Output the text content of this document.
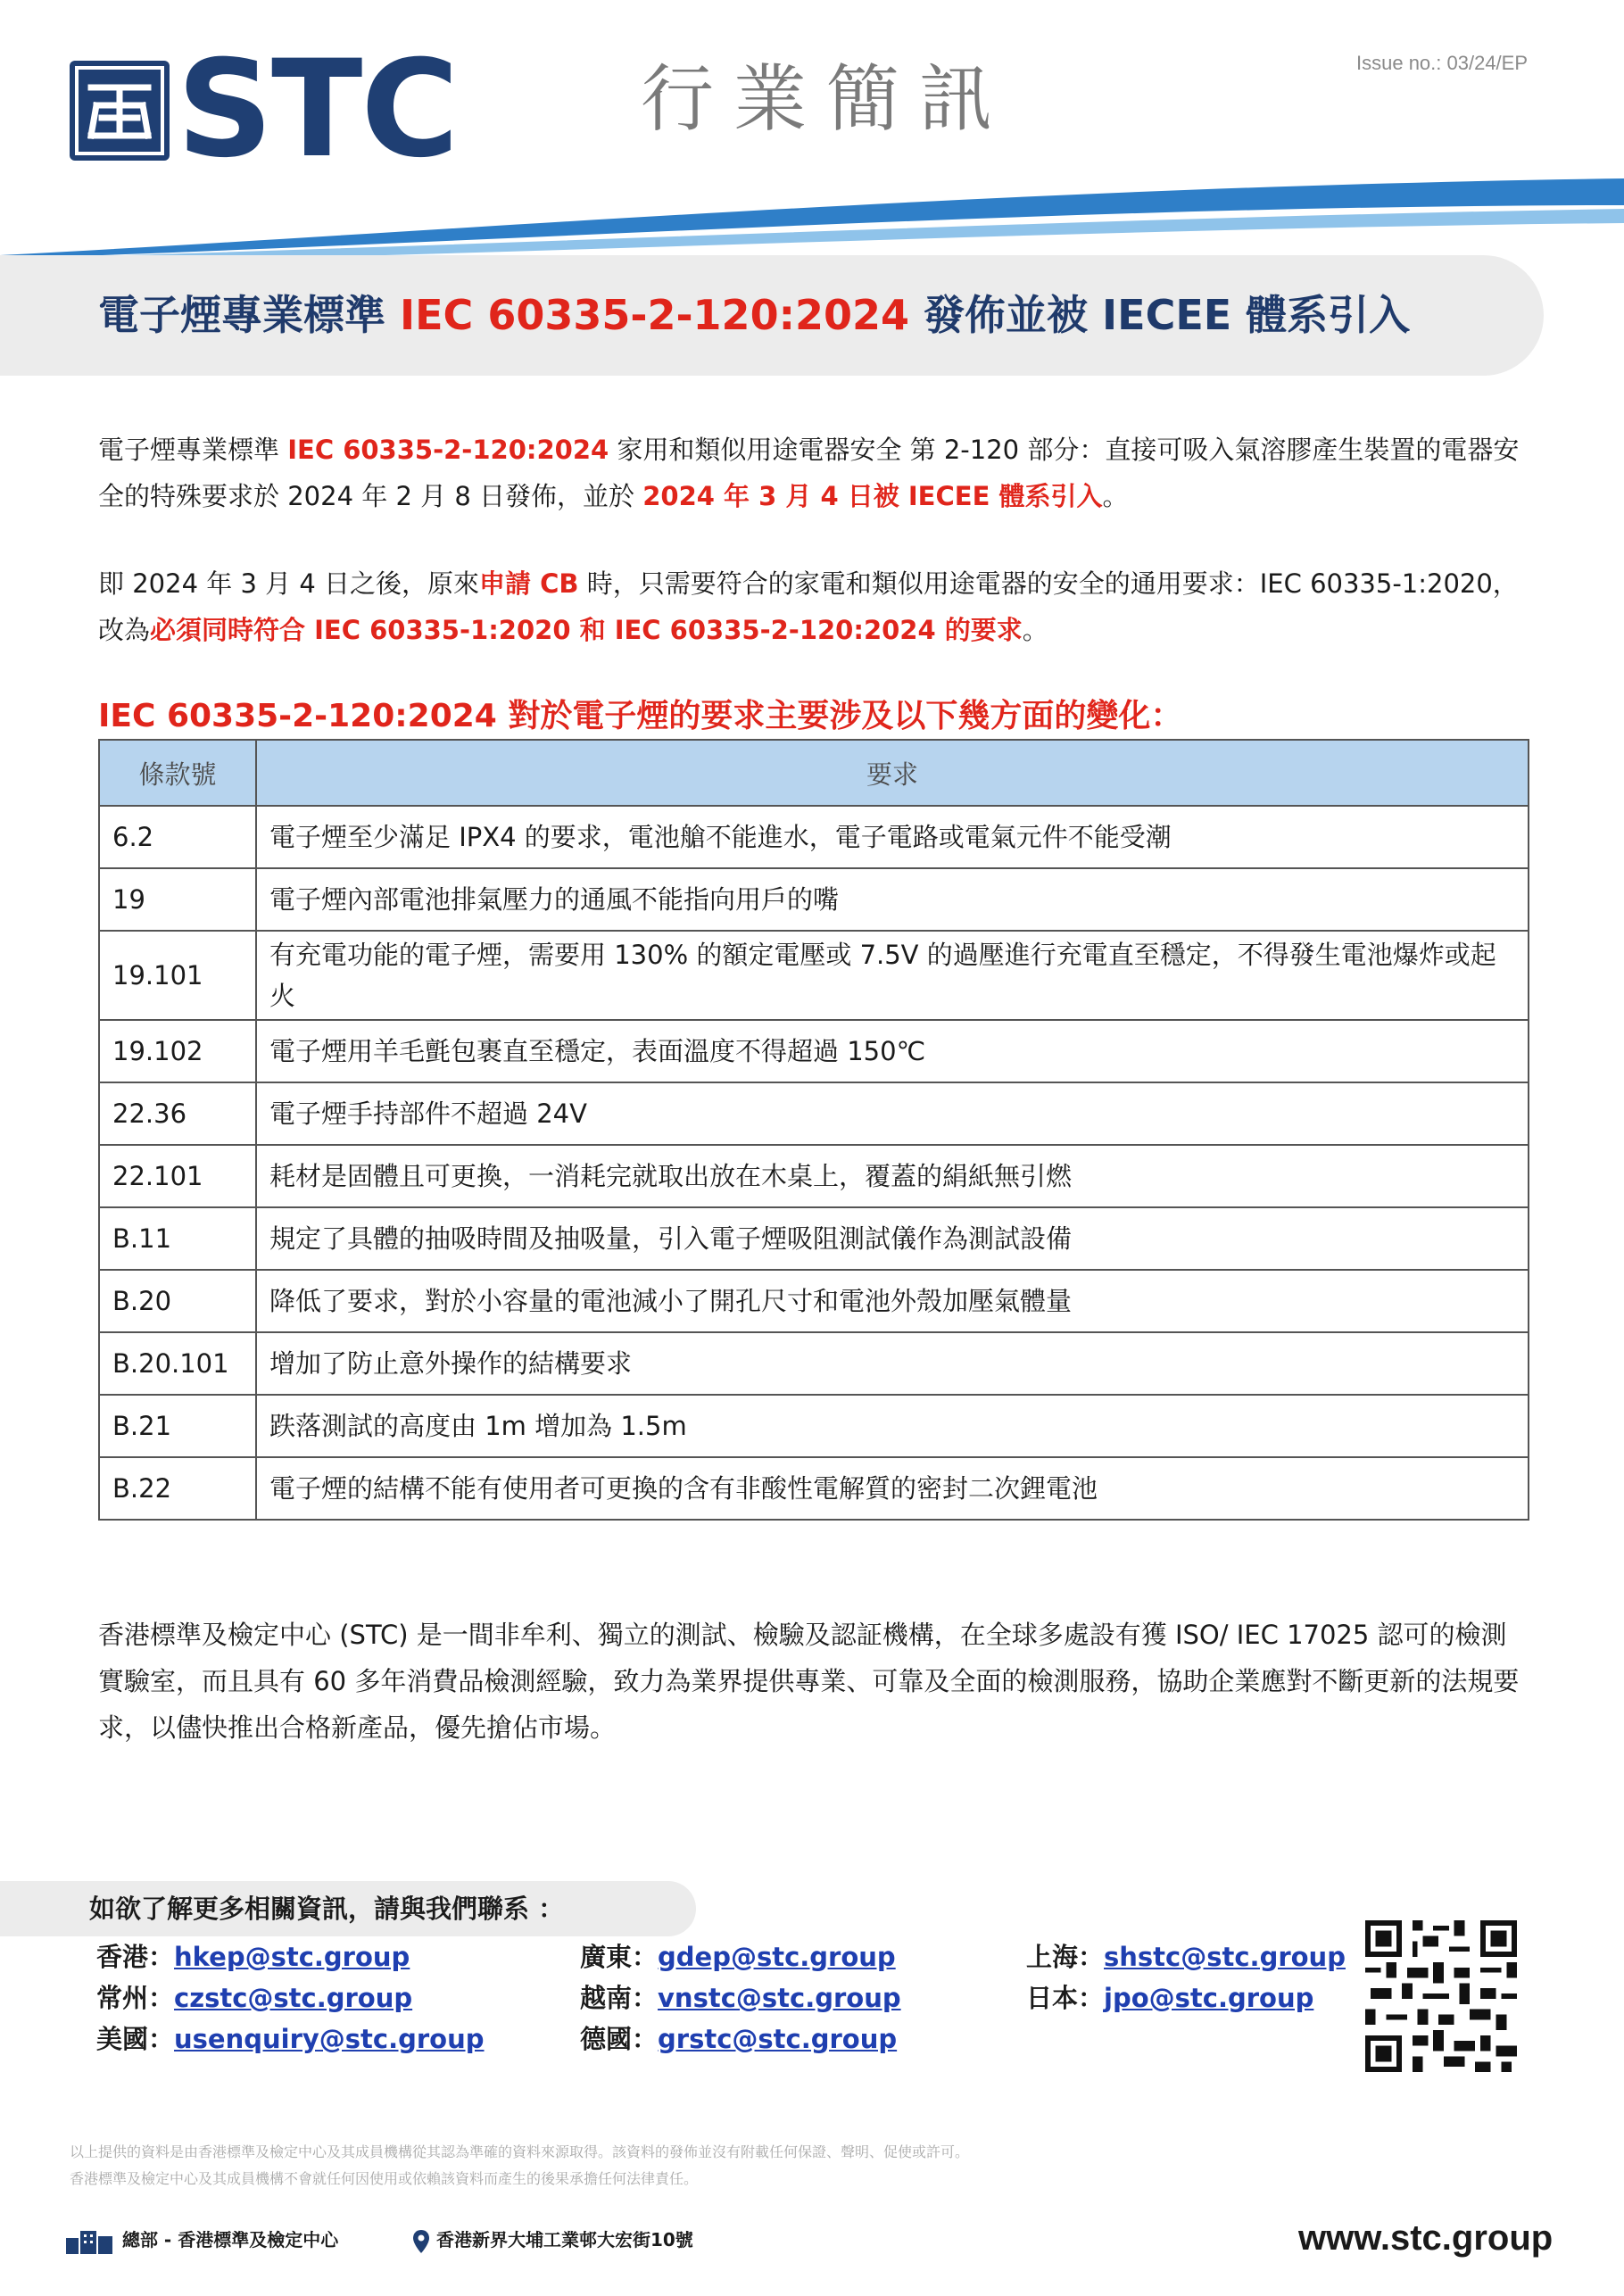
STC	行業簡訊	Issue no.: 03/24/EP
電子煙專業標準 IEC 60335-2-120:2024 發佈並被 IECEE 體系引入
電子煙專業標準 IEC 60335-2-120:2024 家用和類似用途電器安全 第 2-120 部分：直接可吸入氣溶膠產生裝置的電器安全的特殊要求於 2024 年 2 月 8 日發佈，並於 2024 年 3 月 4 日被 IECEE 體系引入。
即 2024 年 3 月 4 日之後，原來申請 CB 時，只需要符合的家電和類似用途電器的安全的通用要求：IEC 60335-1:2020，改為必須同時符合 IEC 60335-1:2020 和 IEC 60335-2-120:2024 的要求。
IEC 60335-2-120:2024 對於電子煙的要求主要涉及以下幾方面的變化：
條款號	要求
6.2	電子煙至少滿足 IPX4 的要求，電池艙不能進水，電子電路或電氣元件不能受潮
19	電子煙內部電池排氣壓力的通風不能指向用戶的嘴
19.101	有充電功能的電子煙，需要用 130% 的額定電壓或 7.5V 的過壓進行充電直至穩定，不得發生電池爆炸或起火
19.102	電子煙用羊毛氈包裹直至穩定，表面溫度不得超過 150℃
22.36	電子煙手持部件不超過 24V
22.101	耗材是固體且可更換，一消耗完就取出放在木桌上，覆蓋的絹紙無引燃
B.11	規定了具體的抽吸時間及抽吸量，引入電子煙吸阻測試儀作為測試設備
B.20	降低了要求，對於小容量的電池減小了開孔尺寸和電池外殼加壓氣體量
B.20.101	增加了防止意外操作的結構要求
B.21	跌落測試的高度由 1m 增加為 1.5m
B.22	電子煙的結構不能有使用者可更換的含有非酸性電解質的密封二次鋰電池
香港標準及檢定中心 (STC) 是一間非牟利、獨立的測試、檢驗及認証機構，在全球多處設有獲 ISO/ IEC 17025 認可的檢測實驗室，而且具有 60 多年消費品檢測經驗，致力為業界提供專業、可靠及全面的檢測服務，協助企業應對不斷更新的法規要求，以儘快推出合格新產品，優先搶佔市場。
如欲了解更多相關資訊，請與我們聯系 ：
香港：hkep@stc.group	廣東：gdep@stc.group	上海：shstc@stc.group
常州：czstc@stc.group	越南：vnstc@stc.group	日本：jpo@stc.group
美國：usenquiry@stc.group	德國：grstc@stc.group
以上提供的資料是由香港標準及檢定中心及其成員機構從其認為準確的資料來源取得。該資料的發佈並沒有附載任何保證、聲明、促使或許可。
香港標準及檢定中心及其成員機構不會就任何因使用或依賴該資料而產生的後果承擔任何法律責任。
總部 - 香港標準及檢定中心	香港新界大埔工業邨大宏街10號	www.stc.group
